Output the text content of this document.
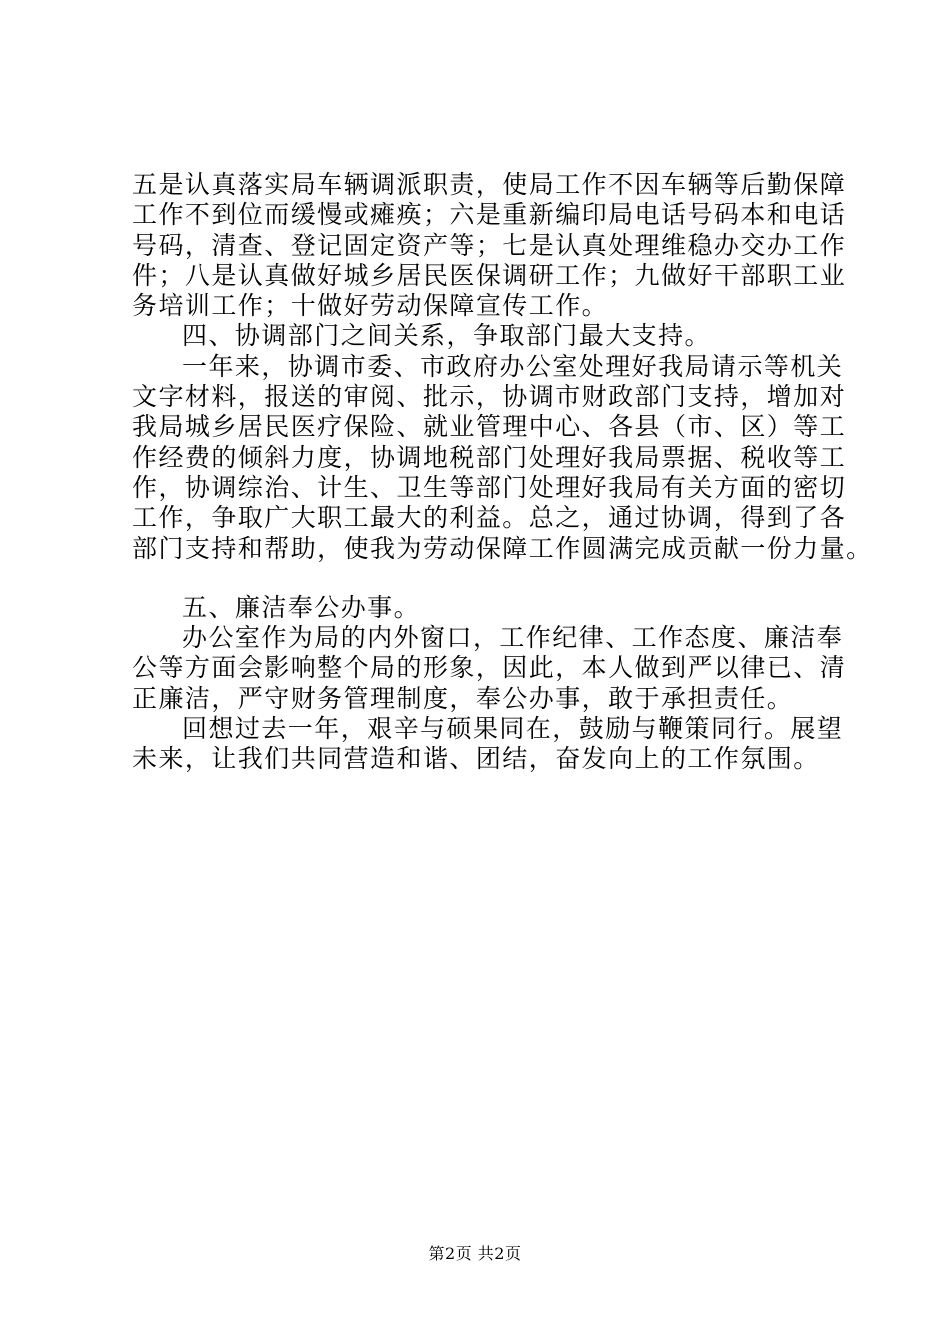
五是认真落实局车辆调派职责，使局工作不因车辆等后勤保障
工作不到位而缓慢或瘫痪；六是重新编印局电话号码本和电话
号码，清查、登记固定资产等；七是认真处理维稳办交办工作
件；八是认真做好城乡居民医保调研工作；九做好干部职工业
务培训工作；十做好劳动保障宣传工作。
四、协调部门之间关系，争取部门最大支持。
一年来，协调市委、市政府办公室处理好我局请示等机关
文字材料，报送的审阅、批示，协调市财政部门支持，增加对
我局城乡居民医疗保险、就业管理中心、各县（市、区）等工
作经费的倾斜力度，协调地税部门处理好我局票据、税收等工
作，协调综治、计生、卫生等部门处理好我局有关方面的密切
工作，争取广大职工最大的利益。总之，通过协调，得到了各
部门支持和帮助，使我为劳动保障工作圆满完成贡献一份力量。
五、廉洁奉公办事。
办公室作为局的内外窗口，工作纪律、工作态度、廉洁奉
公等方面会影响整个局的形象，因此，本人做到严以律已、清
正廉洁，严守财务管理制度，奉公办事，敢于承担责任。
回想过去一年，艰辛与硕果同在，鼓励与鞭策同行。展望
未来，让我们共同营造和谐、团结，奋发向上的工作氛围。
第2页 共2页
